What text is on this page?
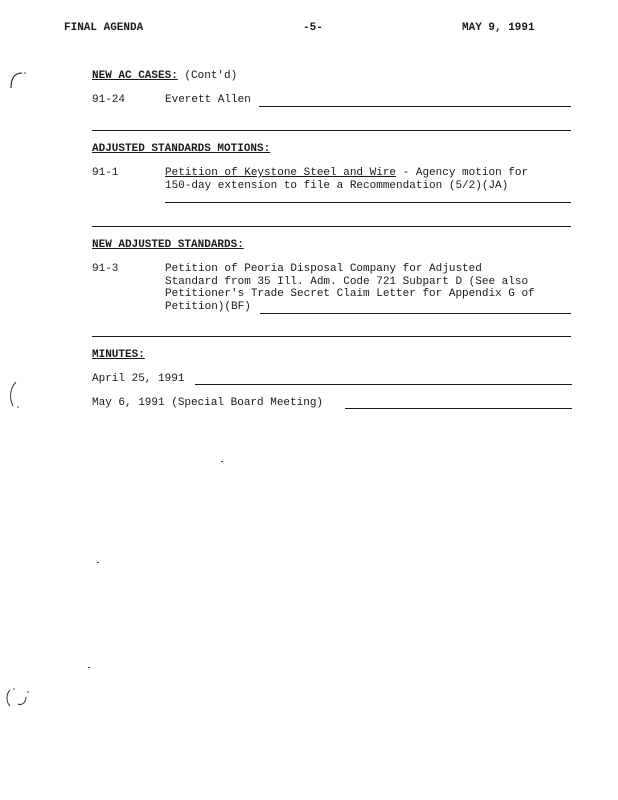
FINAL AGENDA	-5-	MAY 9, 1991
NEW AC CASES: (Cont'd)
91-24	Everett Allen
ADJUSTED STANDARDS MOTIONS:
91-1	Petition of Keystone Steel and Wire - Agency motion for
150-day extension to file a Recommendation (5/2)(JA)
NEW ADJUSTED STANDARDS:
91-3	Petition of Peoria Disposal Company for Adjusted
Standard from 35 Ill. Adm. Code 721 Subpart D (See also
Petitioner's Trade Secret Claim Letter for Appendix G of
Petition)(BF)
MINUTES:
April 25, 1991
May 6, 1991 (Special Board Meeting)
